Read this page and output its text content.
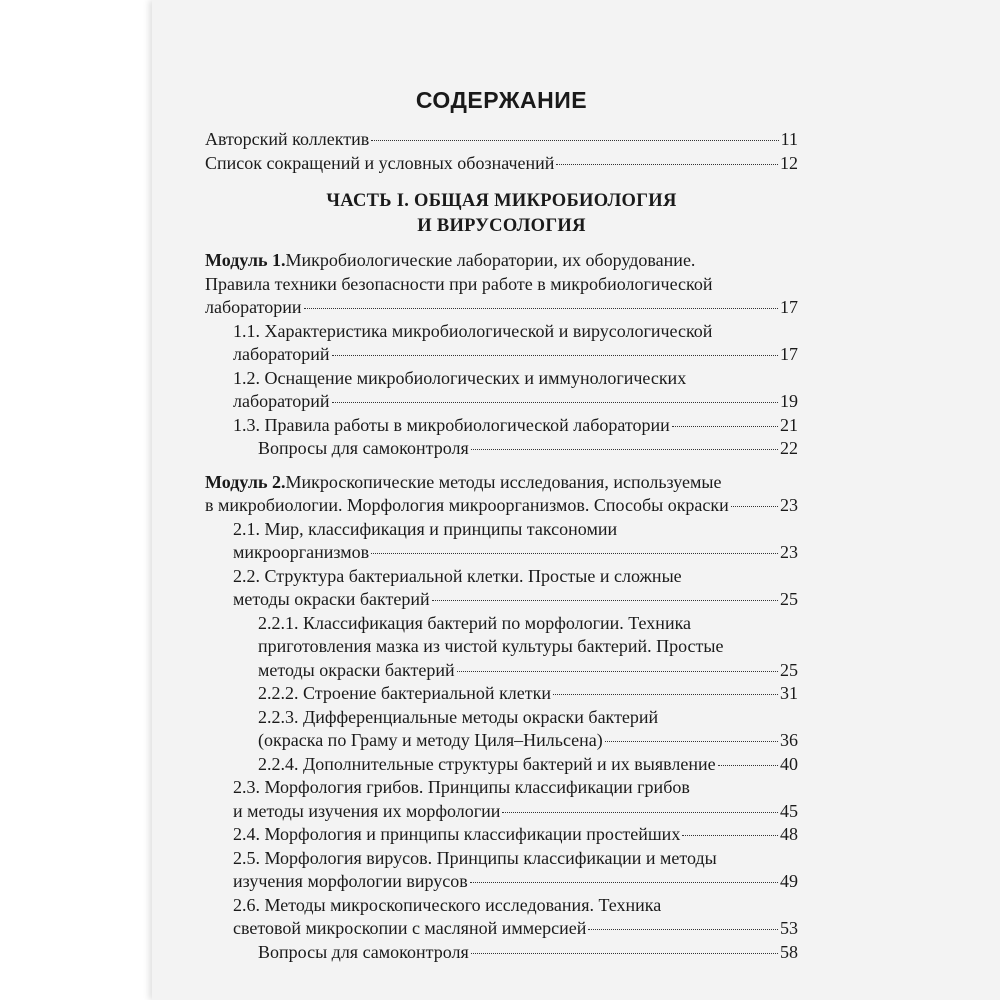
СОДЕРЖАНИЕ
Авторский коллектив	11
Список сокращений и условных обозначений	12
ЧАСТЬ I. ОБЩАЯ МИКРОБИОЛОГИЯ
И ВИРУСОЛОГИЯ
Модуль 1. Микробиологические лаборатории, их оборудование.
Правила техники безопасности при работе в микробиологической
лаборатории	17
1.1. Характеристика микробиологической и вирусологической
лабораторий	17
1.2. Оснащение микробиологических и иммунологических
лабораторий	19
1.3. Правила работы в микробиологической лаборатории	21
Вопросы для самоконтроля	22
Модуль 2. Микроскопические методы исследования, используемые
в микробиологии. Морфология микроорганизмов. Способы окраски	23
2.1. Мир, классификация и принципы таксономии
микроорганизмов	23
2.2. Структура бактериальной клетки. Простые и сложные
методы окраски бактерий	25
2.2.1. Классификация бактерий по морфологии. Техника
приготовления мазка из чистой культуры бактерий. Простые
методы окраски бактерий	25
2.2.2. Строение бактериальной клетки	31
2.2.3. Дифференциальные методы окраски бактерий
(окраска по Граму и методу Циля–Нильсена)	36
2.2.4. Дополнительные структуры бактерий и их выявление	40
2.3. Морфология грибов. Принципы классификации грибов
и методы изучения их морфологии	45
2.4. Морфология и принципы классификации простейших	48
2.5. Морфология вирусов. Принципы классификации и методы
изучения морфологии вирусов	49
2.6. Методы микроскопического исследования. Техника
световой микроскопии с масляной иммерсией	53
Вопросы для самоконтроля	58
